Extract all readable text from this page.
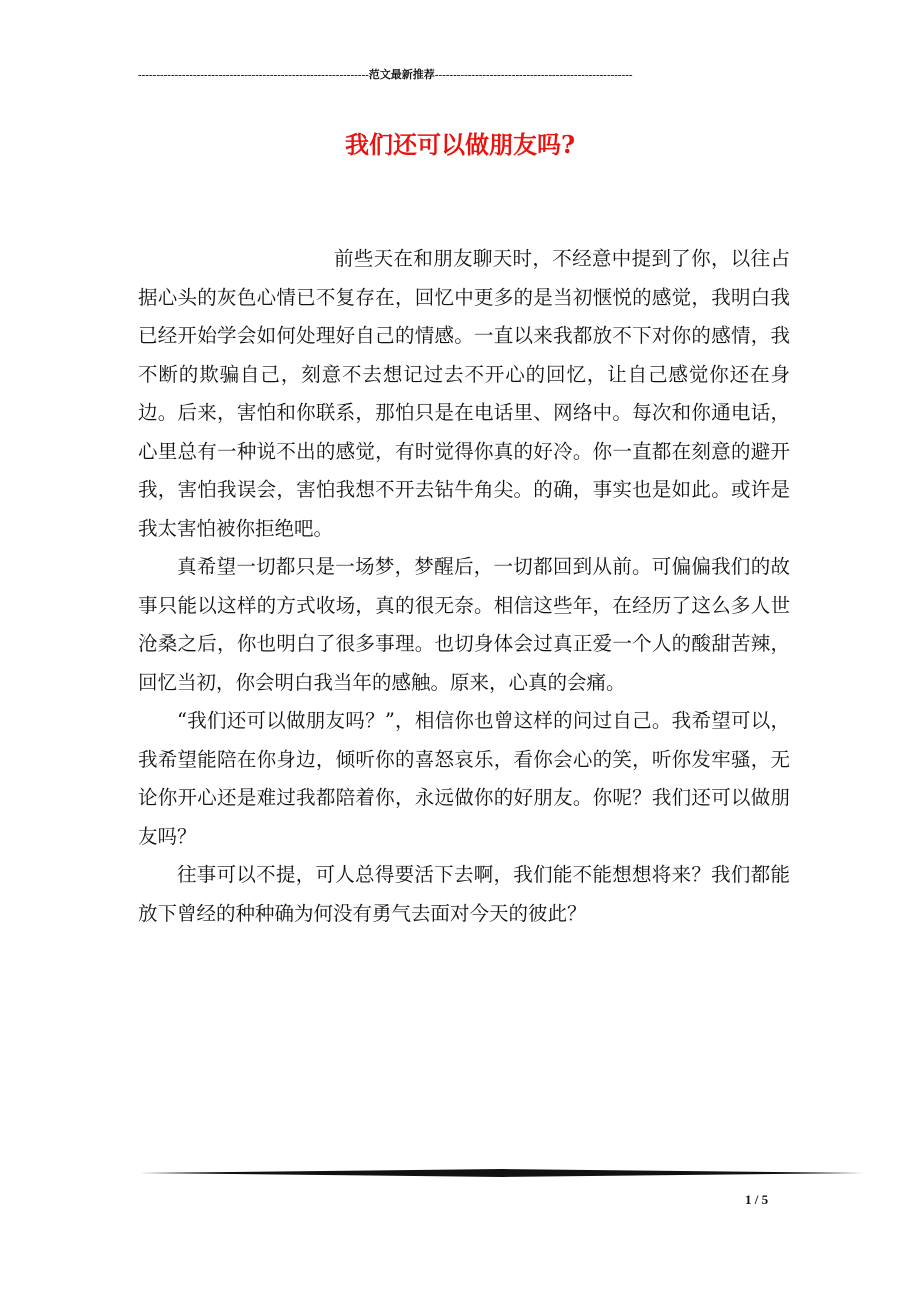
---------------------------------------------------------------范文最新推荐------------------------------------------------------
我们还可以做朋友吗?

前些天在和朋友聊天时，不经意中提到了你，以往占据心头的灰色心情已不复存在，回忆中更多的是当初惬悦的感觉，我明白我已经开始学会如何处理好自己的情感。一直以来我都放不下对你的感情，我不断的欺骗自己，刻意不去想记过去不开心的回忆，让自己感觉你还在身边。后来，害怕和你联系，那怕只是在电话里、网络中。每次和你通电话，心里总有一种说不出的感觉，有时觉得你真的好冷。你一直都在刻意的避开我，害怕我误会，害怕我想不开去钻牛角尖。的确，事实也是如此。或许是我太害怕被你拒绝吧。

真希望一切都只是一场梦，梦醒后，一切都回到从前。可偏偏我们的故事只能以这样的方式收场，真的很无奈。相信这些年，在经历了这么多人世沧桑之后，你也明白了很多事理。也切身体会过真正爱一个人的酸甜苦辣，回忆当初，你会明白我当年的感触。原来，心真的会痛。

“我们还可以做朋友吗？”，相信你也曾这样的问过自己。我希望可以，我希望能陪在你身边，倾听你的喜怒哀乐，看你会心的笑，听你发牢骚，无论你开心还是难过我都陪着你，永远做你的好朋友。你呢？我们还可以做朋友吗？

往事可以不提，可人总得要活下去啊，我们能不能想想将来？我们都能放下曾经的种种确为何没有勇气去面对今天的彼此？

1 / 5
